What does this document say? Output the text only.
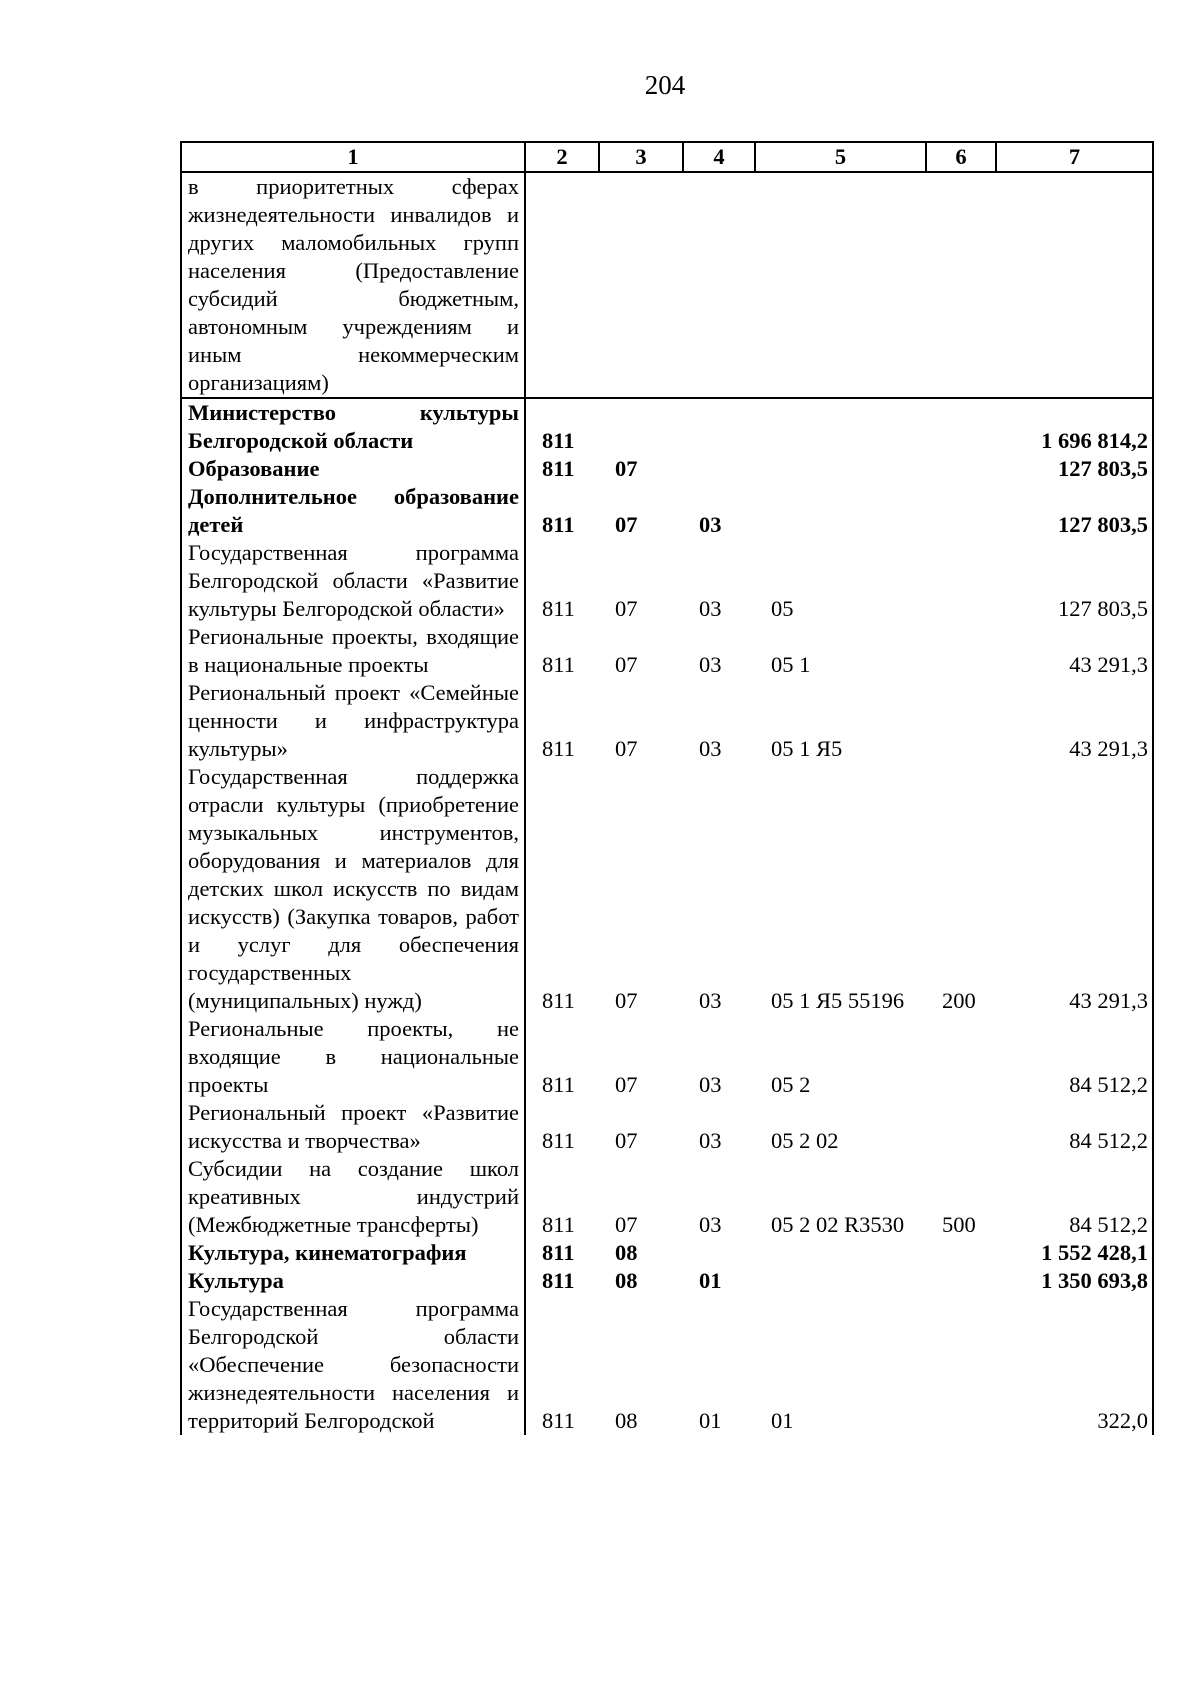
204
1	2	3	4	5	6	7
в приоритетных сферах жизнедеятельности инвалидов и других маломобильных групп населения (Предоставление субсидий бюджетным, автономным учреждениям и иным некоммерческим организациям)						
Министерство культуры Белгородской области	811					1 696 814,2
Образование	811	07				127 803,5
Дополнительное образование детей	811	07	03			127 803,5
Государственная программа Белгородской области «Развитие культуры Белгородской области»	811	07	03	05		127 803,5
Региональные проекты, входящие в национальные проекты	811	07	03	05 1		43 291,3
Региональный проект «Семейные ценности и инфраструктура культуры»	811	07	03	05 1 Я5		43 291,3
Государственная поддержка отрасли культуры (приобретение музыкальных инструментов, оборудования и материалов для детских школ искусств по видам искусств) (Закупка товаров, работ и услуг для обеспечения государственных (муниципальных) нужд)	811	07	03	05 1 Я5 55196	200	43 291,3
Региональные проекты, не входящие в национальные проекты	811	07	03	05 2		84 512,2
Региональный проект «Развитие искусства и творчества»	811	07	03	05 2 02		84 512,2
Субсидии на создание школ креативных индустрий (Межбюджетные трансферты)	811	07	03	05 2 02 R3530	500	84 512,2
Культура, кинематография	811	08				1 552 428,1
Культура	811	08	01			1 350 693,8
Государственная программа Белгородской области «Обеспечение безопасности жизнедеятельности населения и территорий Белгородской	811	08	01	01		322,0
